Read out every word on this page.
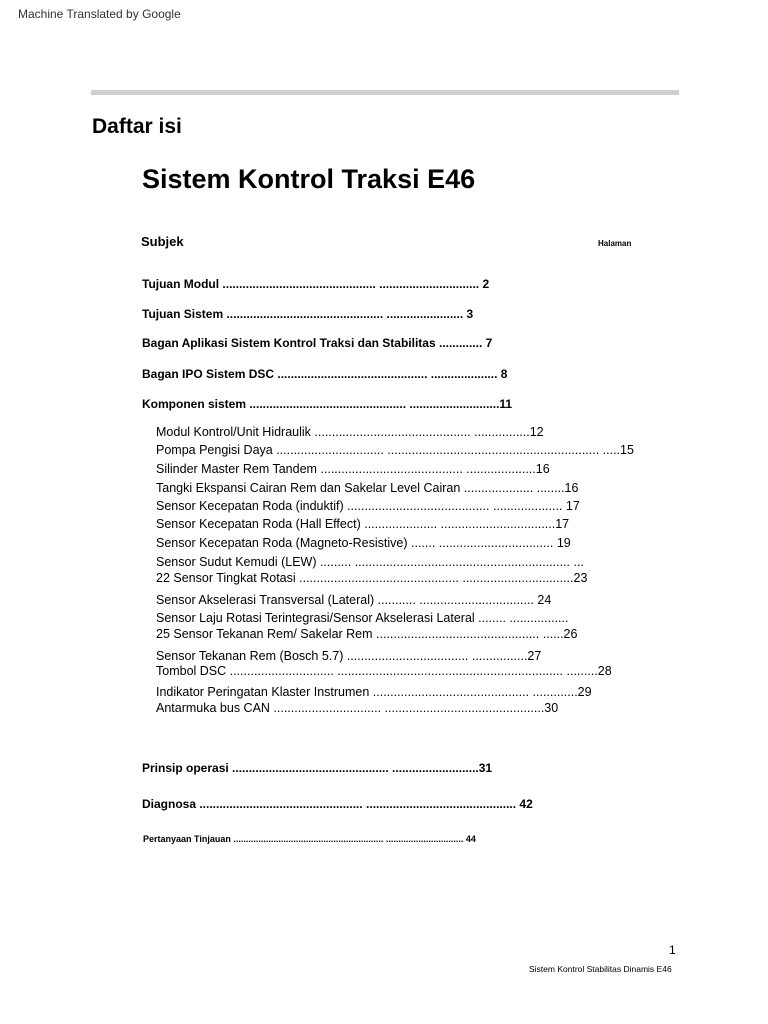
Machine Translated by Google
Daftar isi
Sistem Kontrol Traksi E46
Subjek	Halaman
Tujuan Modul .............................................. .............................. 2
Tujuan Sistem ............................................... ....................... 3
Bagan Aplikasi Sistem Kontrol Traksi dan Stabilitas ............. 7
Bagan IPO Sistem DSC ............................................. .................... 8
Komponen sistem ............................................... ...........................11
Modul Kontrol/Unit Hidraulik ............................................. ................12
Pompa Pengisi Daya ............................... ............................................................. .....15
Silinder Master Rem Tandem ......................................... ....................16
Tangki Ekspansi Cairan Rem dan Sakelar Level Cairan .................... ........16
Sensor Kecepatan Roda (induktif) ......................................... .................... 17
Sensor Kecepatan Roda (Hall Effect) ..................... .................................17
Sensor Kecepatan Roda (Magneto-Resistive) ....... ................................. 19
Sensor Sudut Kemudi (LEW) ......... .............................................................. ...
22 Sensor Tingkat Rotasi .............................................. ................................23
Sensor Akselerasi Transversal (Lateral) ........... ................................. 24
Sensor Laju Rotasi Terintegrasi/Sensor Akselerasi Lateral ........ .................
25 Sensor Tekanan Rem/ Sakelar Rem ............................................... ......26
Sensor Tekanan Rem (Bosch 5.7) ................................... ................27
Tombol DSC .............................. ................................................................. .........28
Indikator Peringatan Klaster Instrumen ............................................. .............29
Antarmuka bus CAN ............................... ..............................................30
Prinsip operasi ............................................... ..........................31
Diagnosa ................................................. ............................................. 42
Pertanyaan Tinjauan ............................................................ ............................... 44
1
Sistem Kontrol Stabilitas Dinamis E46
